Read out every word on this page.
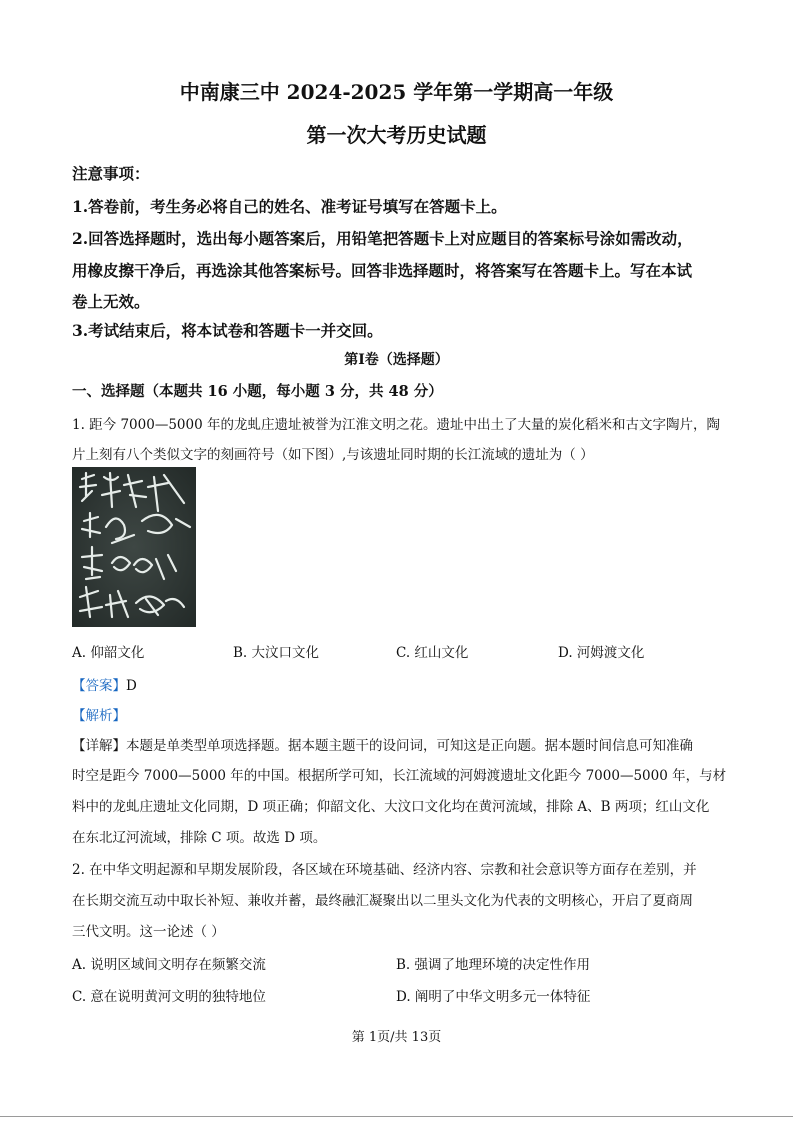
中南康三中 2024-2025 学年第一学期高一年级
第一次大考历史试题
注意事项：
1.答卷前，考生务必将自己的姓名、准考证号填写在答题卡上。
2.回答选择题时，选出每小题答案后，用铅笔把答题卡上对应题目的答案标号涂如需改动，
用橡皮擦干净后，再选涂其他答案标号。回答非选择题时，将答案写在答题卡上。写在本试
卷上无效。
3.考试结束后，将本试卷和答题卡一并交回。
第Ⅰ卷（选择题）
一、选择题（本题共 16 小题，每小题 3 分，共 48 分）
1. 距今 7000—5000 年的龙虬庄遗址被誉为江淮文明之花。遗址中出土了大量的炭化稻米和古文字陶片，陶
片上刻有八个类似文字的刻画符号（如下图）,与该遗址同时期的长江流域的遗址为（ ）
A. 仰韶文化	B. 大汶口文化	C. 红山文化	D. 河姆渡文化
【答案】D
【解析】
【详解】本题是单类型单项选择题。据本题主题干的设问词，可知这是正向题。据本题时间信息可知准确
时空是距今 7000—5000 年的中国。根据所学可知，长江流域的河姆渡遗址文化距今 7000—5000 年，与材
料中的龙虬庄遗址文化同期，D 项正确；仰韶文化、大汶口文化均在黄河流域，排除 A、B 两项；红山文化
在东北辽河流域，排除 C 项。故选 D 项。
2. 在中华文明起源和早期发展阶段，各区域在环境基础、经济内容、宗教和社会意识等方面存在差别，并
在长期交流互动中取长补短、兼收并蓄，最终融汇凝聚出以二里头文化为代表的文明核心，开启了夏商周
三代文明。这一论述（ ）
A. 说明区域间文明存在频繁交流	B. 强调了地理环境的决定性作用
C. 意在说明黄河文明的独特地位	D. 阐明了中华文明多元一体特征
第 1页/共 13页
